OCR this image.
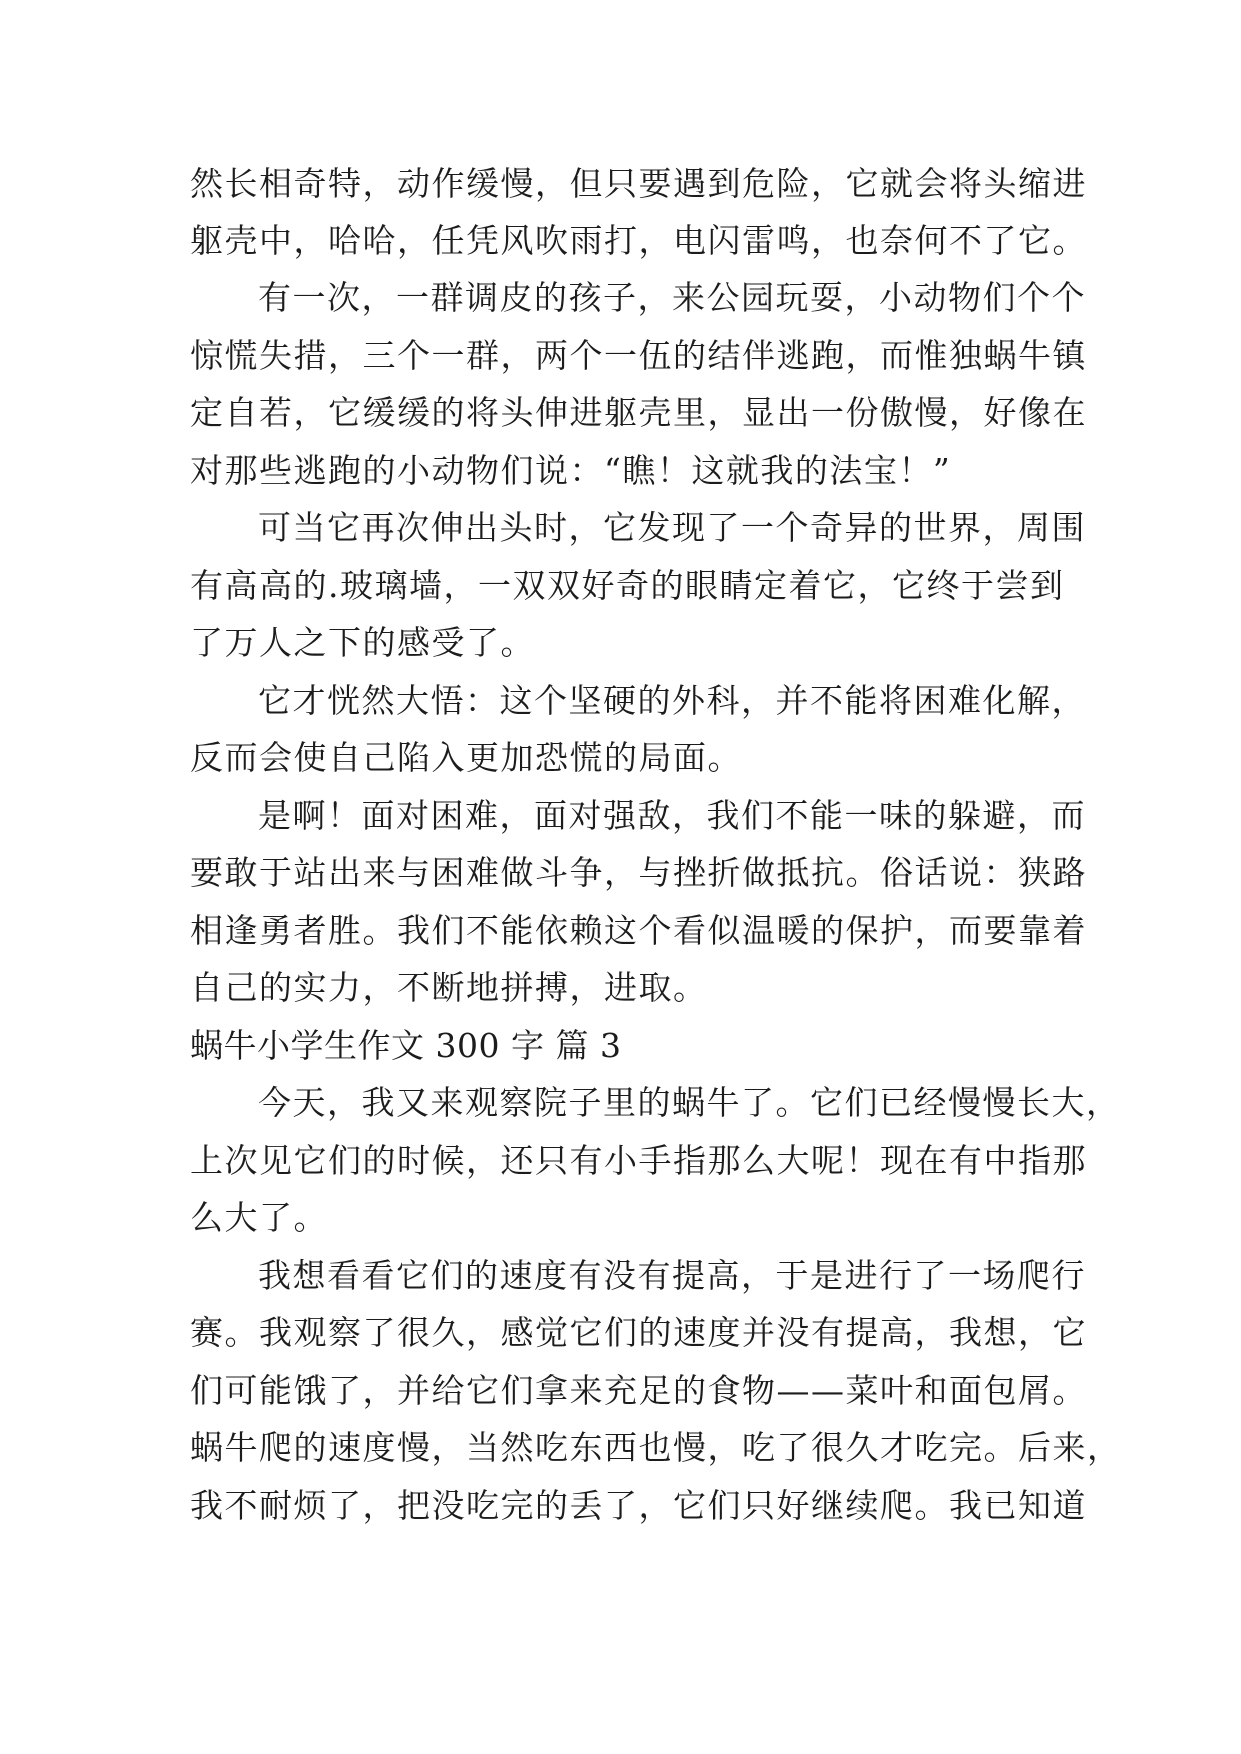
然长相奇特，动作缓慢，但只要遇到危险，它就会将头缩进
躯壳中，哈哈，任凭风吹雨打，电闪雷鸣，也奈何不了它。
有一次，一群调皮的孩子，来公园玩耍，小动物们个个
惊慌失措，三个一群，两个一伍的结伴逃跑，而惟独蜗牛镇
定自若，它缓缓的将头伸进躯壳里，显出一份傲慢，好像在
对那些逃跑的小动物们说：“瞧！这就我的法宝！”
可当它再次伸出头时，它发现了一个奇异的世界，周围
有高高的.玻璃墙，一双双好奇的眼睛定着它，它终于尝到
了万人之下的感受了。
它才恍然大悟：这个坚硬的外科，并不能将困难化解，
反而会使自己陷入更加恐慌的局面。
是啊！面对困难，面对强敌，我们不能一味的躲避，而
要敢于站出来与困难做斗争，与挫折做抵抗。俗话说：狭路
相逢勇者胜。我们不能依赖这个看似温暖的保护，而要靠着
自己的实力，不断地拼搏，进取。
蜗牛小学生作文 300 字 篇 3
今天，我又来观察院子里的蜗牛了。它们已经慢慢长大，
上次见它们的时候，还只有小手指那么大呢！现在有中指那
么大了。
我想看看它们的速度有没有提高，于是进行了一场爬行
赛。我观察了很久，感觉它们的速度并没有提高，我想，它
们可能饿了，并给它们拿来充足的食物——菜叶和面包屑。
蜗牛爬的速度慢，当然吃东西也慢，吃了很久才吃完。后来，
我不耐烦了，把没吃完的丢了，它们只好继续爬。我已知道
